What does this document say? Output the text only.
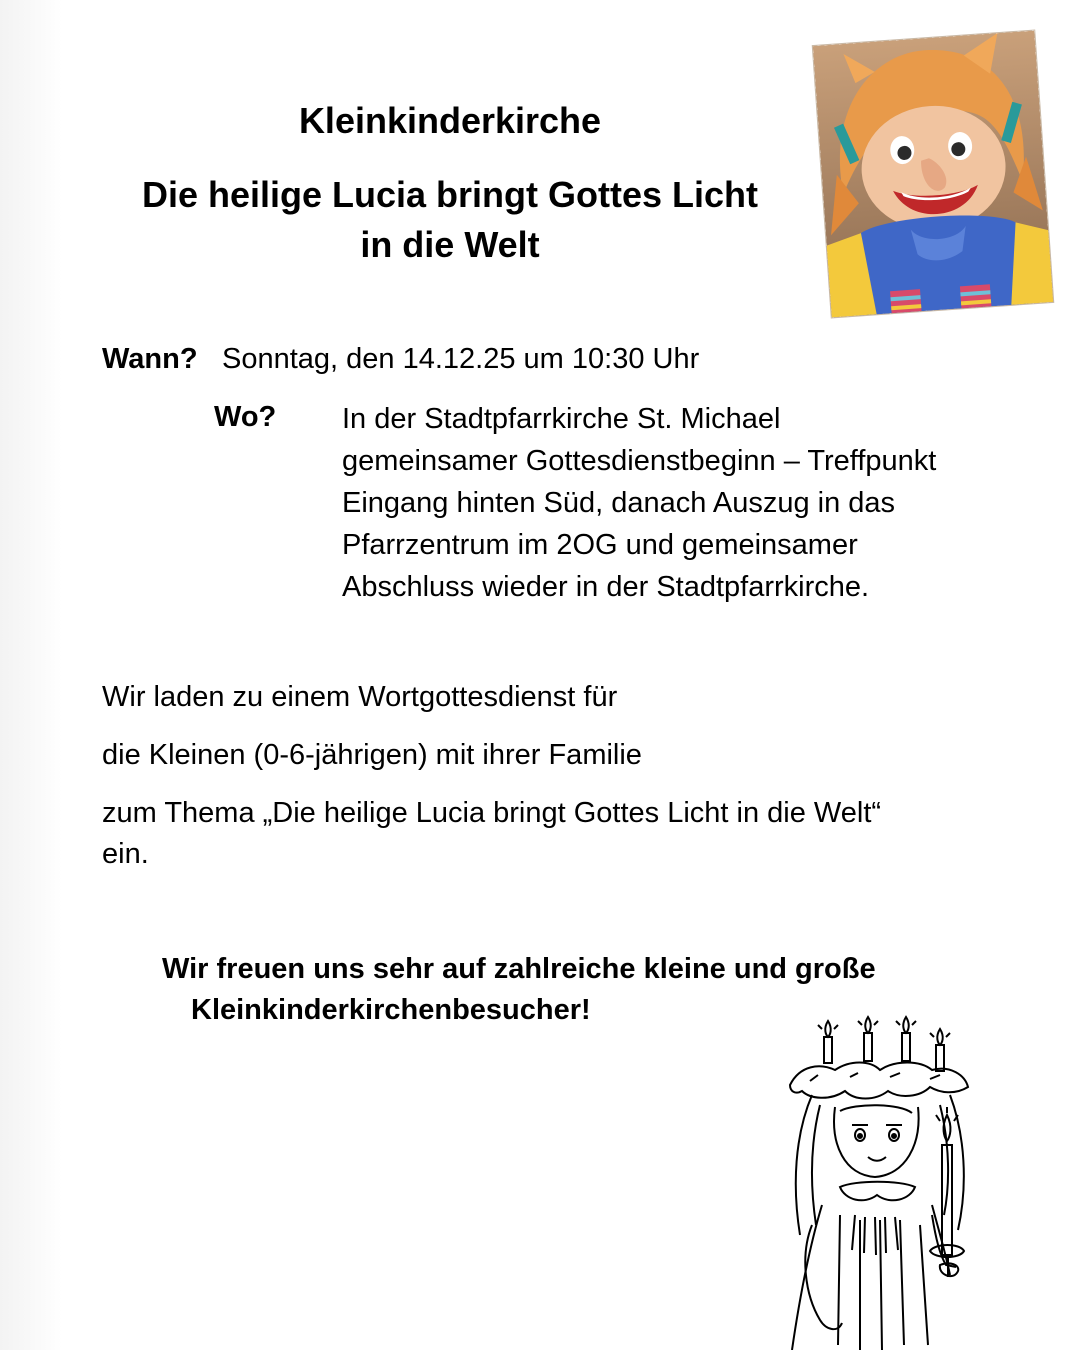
Kleinkinderkirche
Die heilige Lucia bringt Gottes Licht
in die Welt
Wann? Sonntag, den 14.12.25 um 10:30 Uhr
Wo? In der Stadtpfarrkirche St. Michael
gemeinsamer Gottesdienstbeginn – Treffpunkt
Eingang hinten Süd, danach Auszug in das
Pfarrzentrum im 2OG und gemeinsamer
Abschluss wieder in der Stadtpfarrkirche.
Wir laden zu einem Wortgottesdienst für
die Kleinen (0-6-jährigen) mit ihrer Familie
zum Thema „Die heilige Lucia bringt Gottes Licht in die Welt“
ein.
Wir freuen uns sehr auf zahlreiche kleine und große
Kleinkinderkirchenbesucher!
